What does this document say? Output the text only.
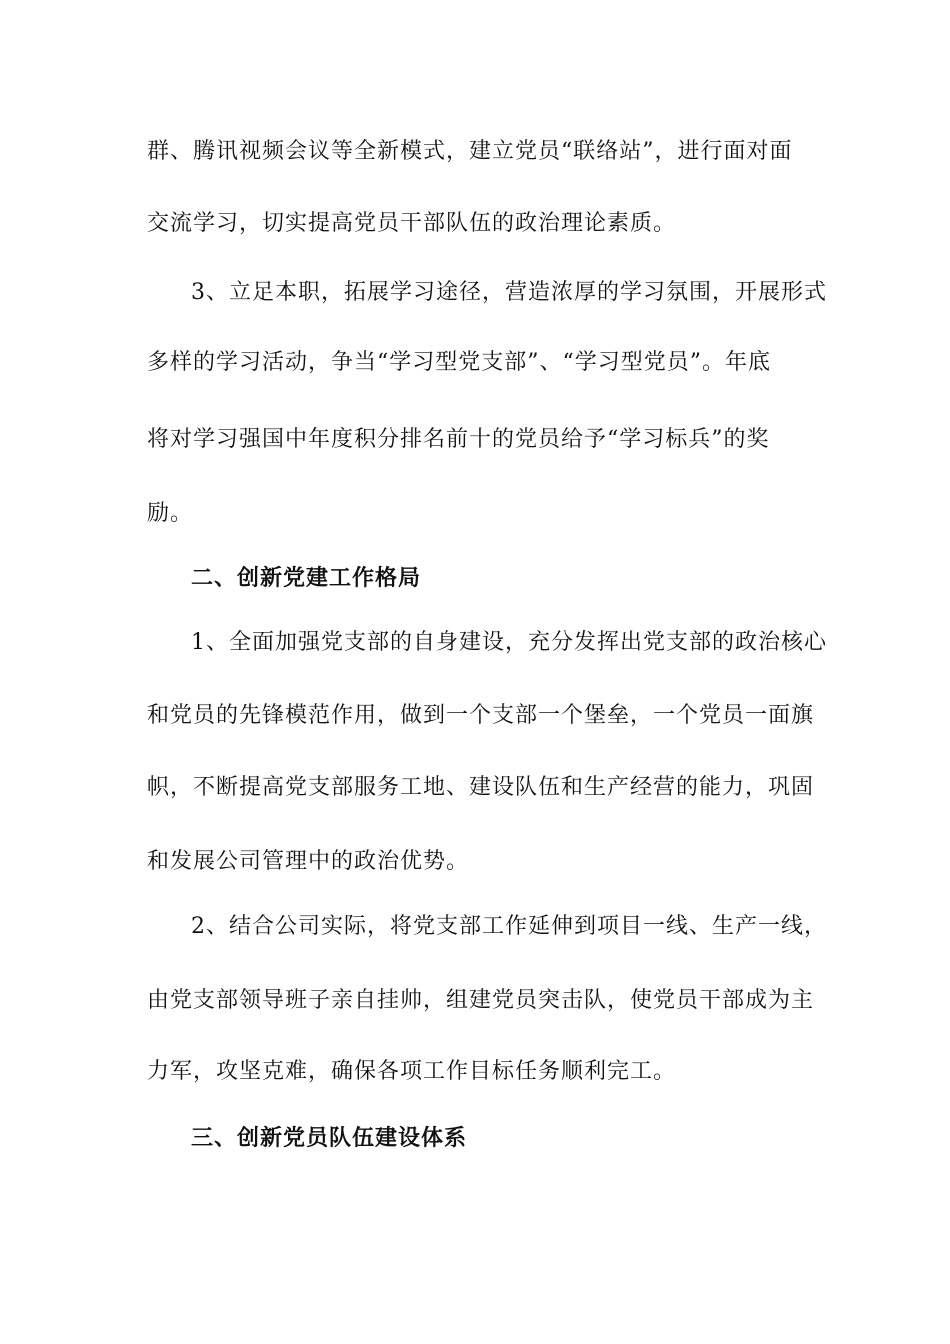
群、腾讯视频会议等全新模式，建立党员“联络站”，进行面对面
交流学习，切实提高党员干部队伍的政治理论素质。
3、立足本职，拓展学习途径，营造浓厚的学习氛围，开展形式
多样的学习活动，争当“学习型党支部”、“学习型党员”。年底
将对学习强国中年度积分排名前十的党员给予“学习标兵”的奖
励。
二、创新党建工作格局
1、全面加强党支部的自身建设，充分发挥出党支部的政治核心
和党员的先锋模范作用，做到一个支部一个堡垒，一个党员一面旗
帜，不断提高党支部服务工地、建设队伍和生产经营的能力，巩固
和发展公司管理中的政治优势。
2、结合公司实际，将党支部工作延伸到项目一线、生产一线，
由党支部领导班子亲自挂帅，组建党员突击队，使党员干部成为主
力军，攻坚克难，确保各项工作目标任务顺利完工。
三、创新党员队伍建设体系
